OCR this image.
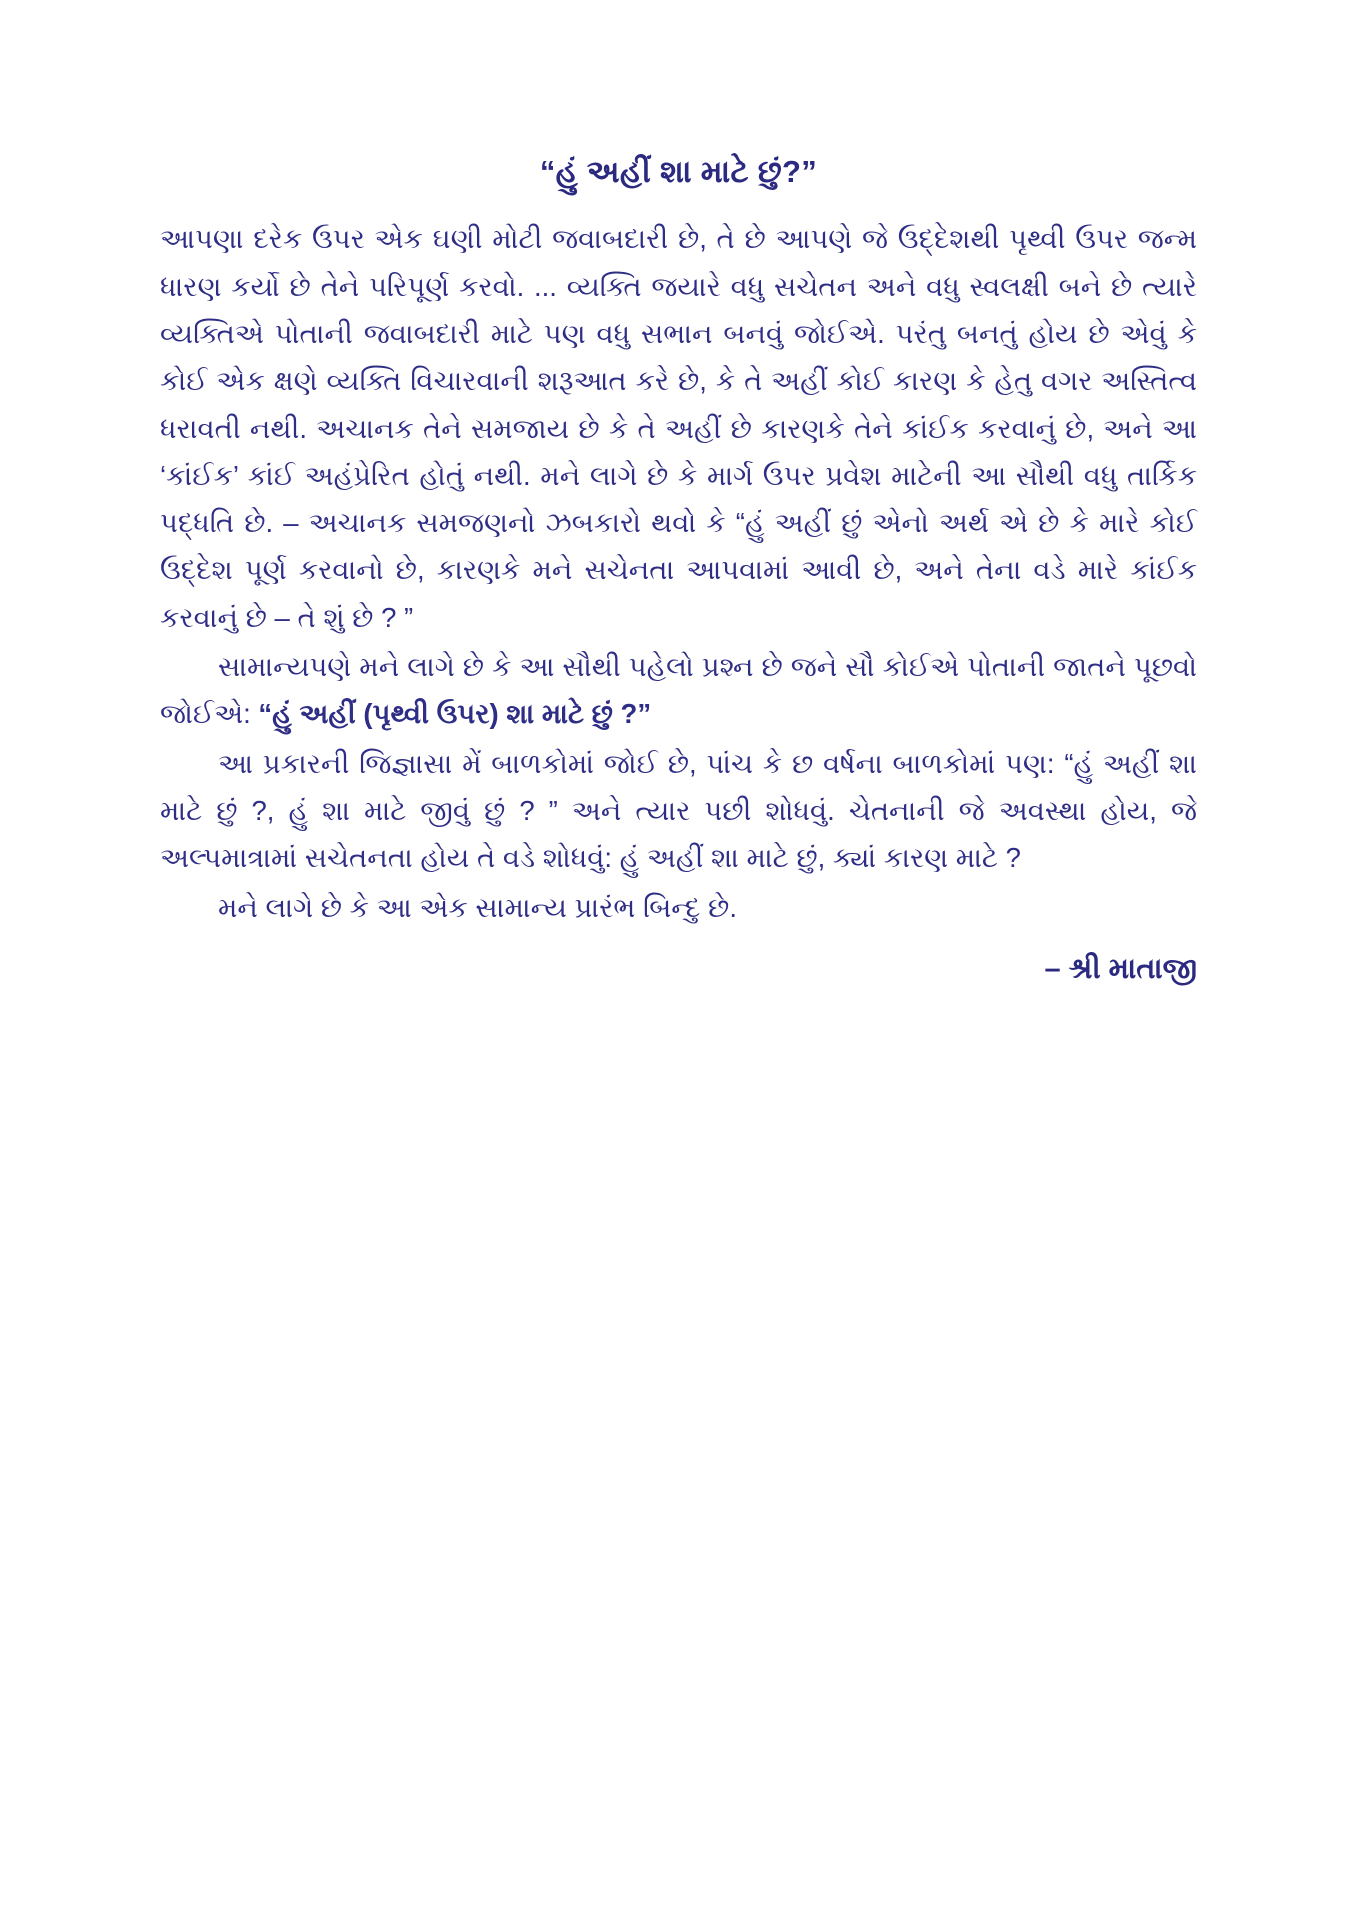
“હું અહીં શા માટે છું?”

આપણા દરેક ઉપર એક ઘણી મોટી જવાબદારી છે, તે છે આપણે જે ઉદ્દેશથી પૃથ્વી ઉપર જન્મ ધારણ કર્યો છે તેને પરિપૂર્ણ કરવો. ... વ્યક્તિ જયારે વધુ સચેતન અને વધુ સ્વલક્ષી બને છે ત્યારે વ્યક્તિએ પોતાની જવાબદારી માટે પણ વધુ સભાન બનવું જોઈએ. પરંતુ બનતું હોય છે એવું કે કોઈ એક ક્ષણે વ્યક્તિ વિચારવાની શરૂઆત કરે છે, કે તે અહીં કોઈ કારણ કે હેતુ વગર અસ્તિત્વ ધરાવતી નથી. અચાનક તેને સમજાય છે કે તે અહીં છે કારણકે તેને કાંઈક કરવાનું છે, અને આ ‘કાંઈક’ કાંઈ અહંપ્રેરિત હોતું નથી. મને લાગે છે કે માર્ગ ઉપર પ્રવેશ માટેની આ સૌથી વધુ તાર્કિક પદ્ધતિ છે. – અચાનક સમજણનો ઝબકારો થવો કે “હું અહીં છું એનો અર્થ એ છે કે મારે કોઈ ઉદ્દેશ પૂર્ણ કરવાનો છે, કારણકે મને સચેનતા આપવામાં આવી છે, અને તેના વડે મારે કાંઈક કરવાનું છે – તે શું છે ? ”

સામાન્યપણે મને લાગે છે કે આ સૌથી પહેલો પ્રશ્ન છે જને સૌ કોઈએ પોતાની જાતને પૂછવો જોઈએ: “હું અહીં (પૃથ્વી ઉપર) શા માટે છું ?”

આ પ્રકારની જિજ્ઞાસા મેં બાળકોમાં જોઈ છે, પાંચ કે છ વર્ષના બાળકોમાં પણ: “હું અહીં શા માટે છું ?, હું શા માટે જીવું છું ? ” અને ત્યાર પછી શોધવું. ચેતનાની જે અવસ્થા હોય, જે અલ્પમાત્રામાં સચેતનતા હોય તે વડે શોધવું: હું અહીં શા માટે છું, ક્યાં કારણ માટે ?

મને લાગે છે કે આ એક સામાન્ય પ્રારંભ બિન્દુ છે.

– શ્રી માતાજી
